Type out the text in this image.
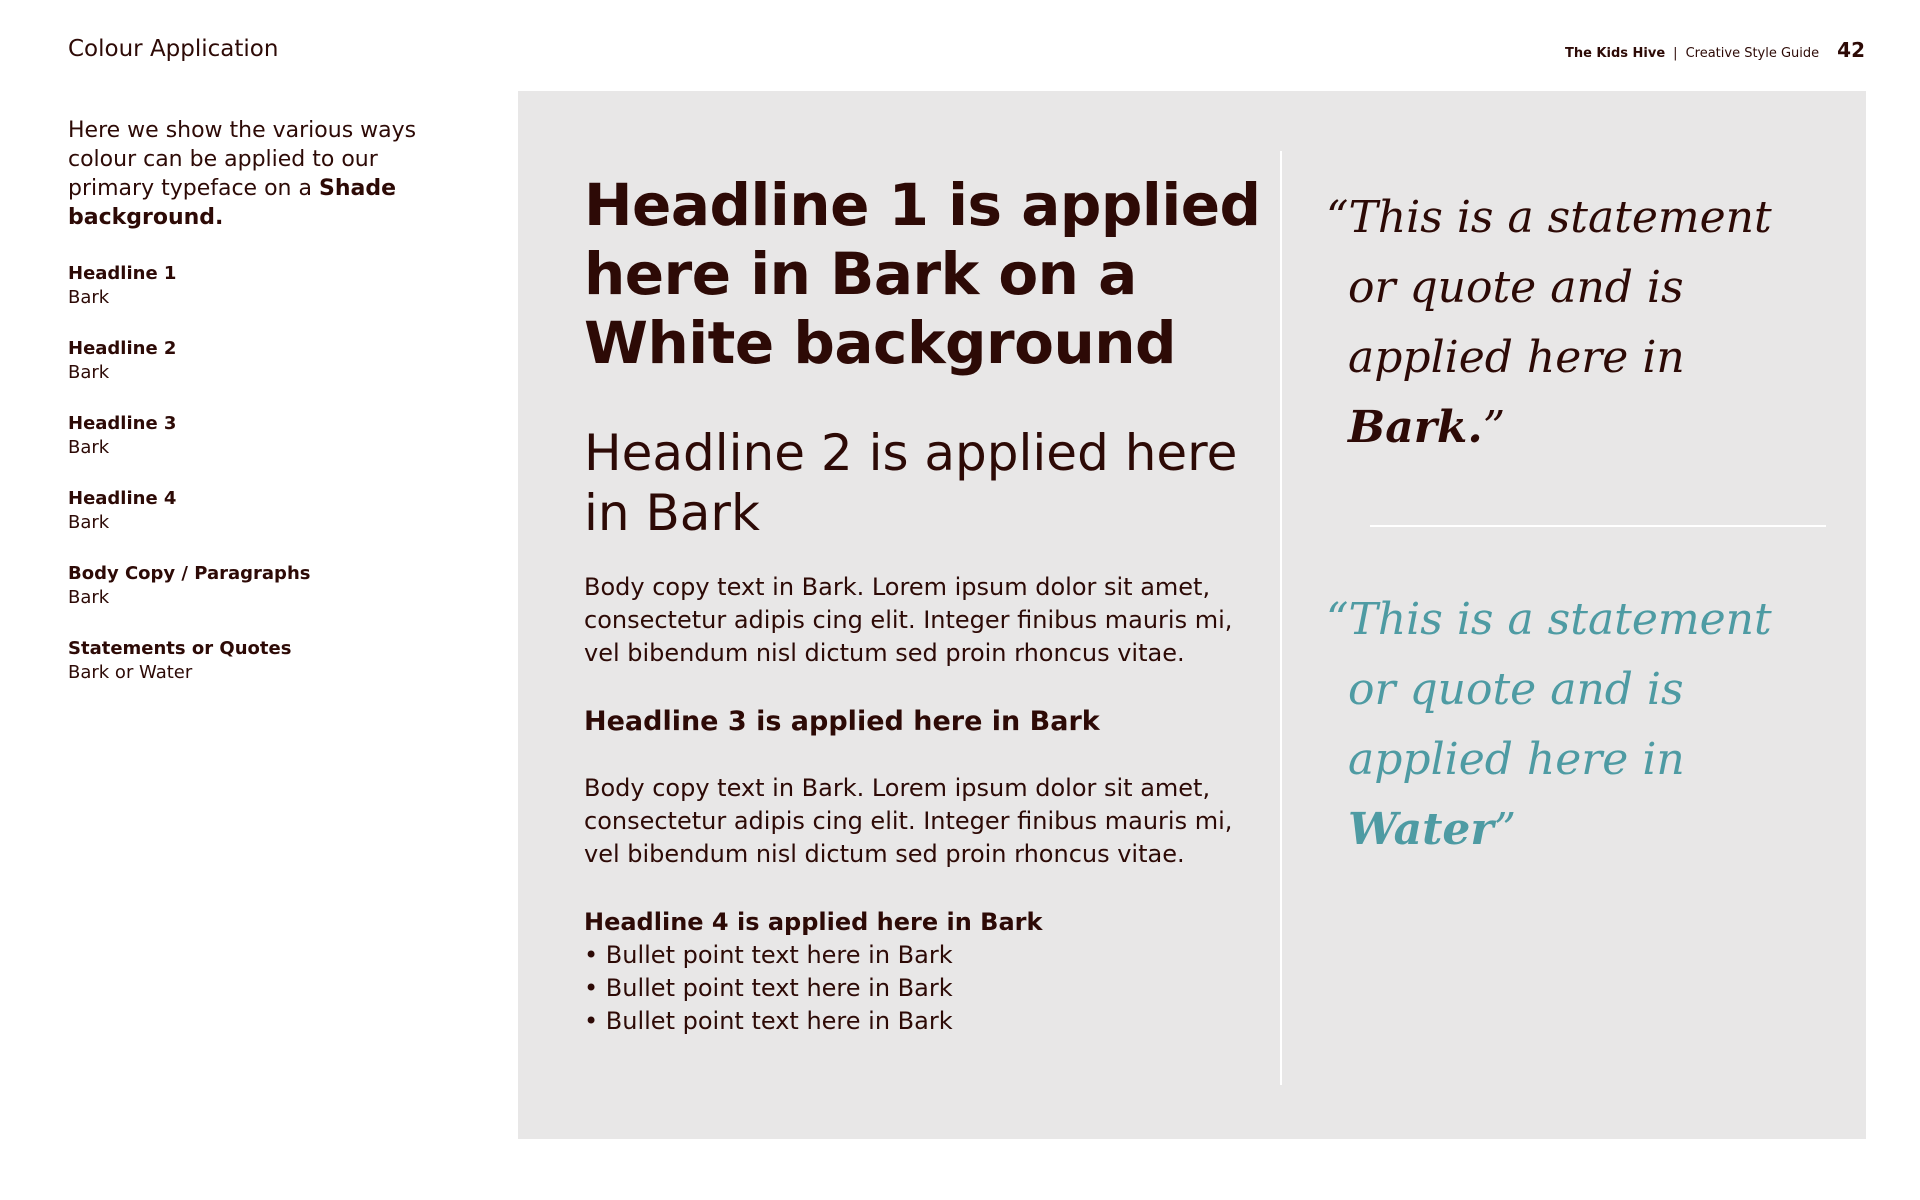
Colour Application	The Kids Hive | Creative Style Guide 42

Here we show the various ways colour can be applied to our primary typeface on a Shade background.

Headline 1
Bark
Headline 2
Bark
Headline 3
Bark
Headline 4
Bark
Body Copy / Paragraphs
Bark
Statements or Quotes
Bark or Water
Headline 1 is applied here in Bark on a White background
Headline 2 is applied here in Bark

Body copy text in Bark. Lorem ipsum dolor sit amet, consectetur adipis cing elit. Integer finibus mauris mi, vel bibendum nisl dictum sed proin rhoncus vitae.

Headline 3 is applied here in Bark

Body copy text in Bark. Lorem ipsum dolor sit amet, consectetur adipis cing elit. Integer finibus mauris mi, vel bibendum nisl dictum sed proin rhoncus vitae.

Headline 4 is applied here in Bark
• Bullet point text here in Bark
• Bullet point text here in Bark
• Bullet point text here in Bark

“This is a statement or quote and is applied here in Bark.”

“This is a statement or quote and is applied here in Water”
